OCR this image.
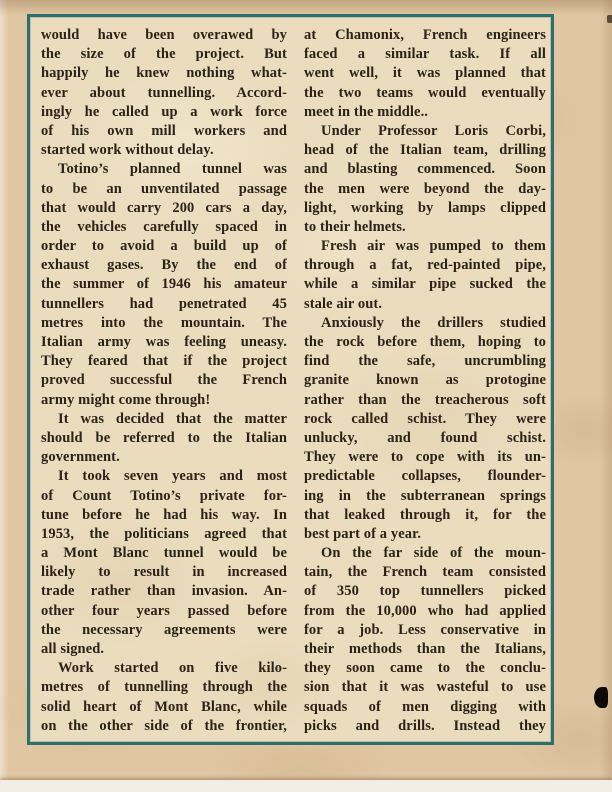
would have been overawed by
the size of the project. But
happily he knew nothing what-
ever about tunnelling. Accord-
ingly he called up a work force
of his own mill workers and
started work without delay.
Totino’s planned tunnel was
to be an unventilated passage
that would carry 200 cars a day,
the vehicles carefully spaced in
order to avoid a build up of
exhaust gases. By the end of
the summer of 1946 his amateur
tunnellers had penetrated 45
metres into the mountain. The
Italian army was feeling uneasy.
They feared that if the project
proved successful the French
army might come through!
It was decided that the matter
should be referred to the Italian
government.
It took seven years and most
of Count Totino’s private for-
tune before he had his way. In
1953, the politicians agreed that
a Mont Blanc tunnel would be
likely to result in increased
trade rather than invasion. An-
other four years passed before
the necessary agreements were
all signed.
Work started on five kilo-
metres of tunnelling through the
solid heart of Mont Blanc, while
on the other side of the frontier,
at Chamonix, French engineers
faced a similar task. If all
went well, it was planned that
the two teams would eventually
meet in the middle..
Under Professor Loris Corbi,
head of the Italian team, drilling
and blasting commenced. Soon
the men were beyond the day-
light, working by lamps clipped
to their helmets.
Fresh air was pumped to them
through a fat, red-painted pipe,
while a similar pipe sucked the
stale air out.
Anxiously the drillers studied
the rock before them, hoping to
find the safe, uncrumbling
granite known as protogine
rather than the treacherous soft
rock called schist. They were
unlucky, and found schist.
They were to cope with its un-
predictable collapses, flounder-
ing in the subterranean springs
that leaked through it, for the
best part of a year.
On the far side of the moun-
tain, the French team consisted
of 350 top tunnellers picked
from the 10,000 who had applied
for a job. Less conservative in
their methods than the Italians,
they soon came to the conclu-
sion that it was wasteful to use
squads of men digging with
picks and drills. Instead they
